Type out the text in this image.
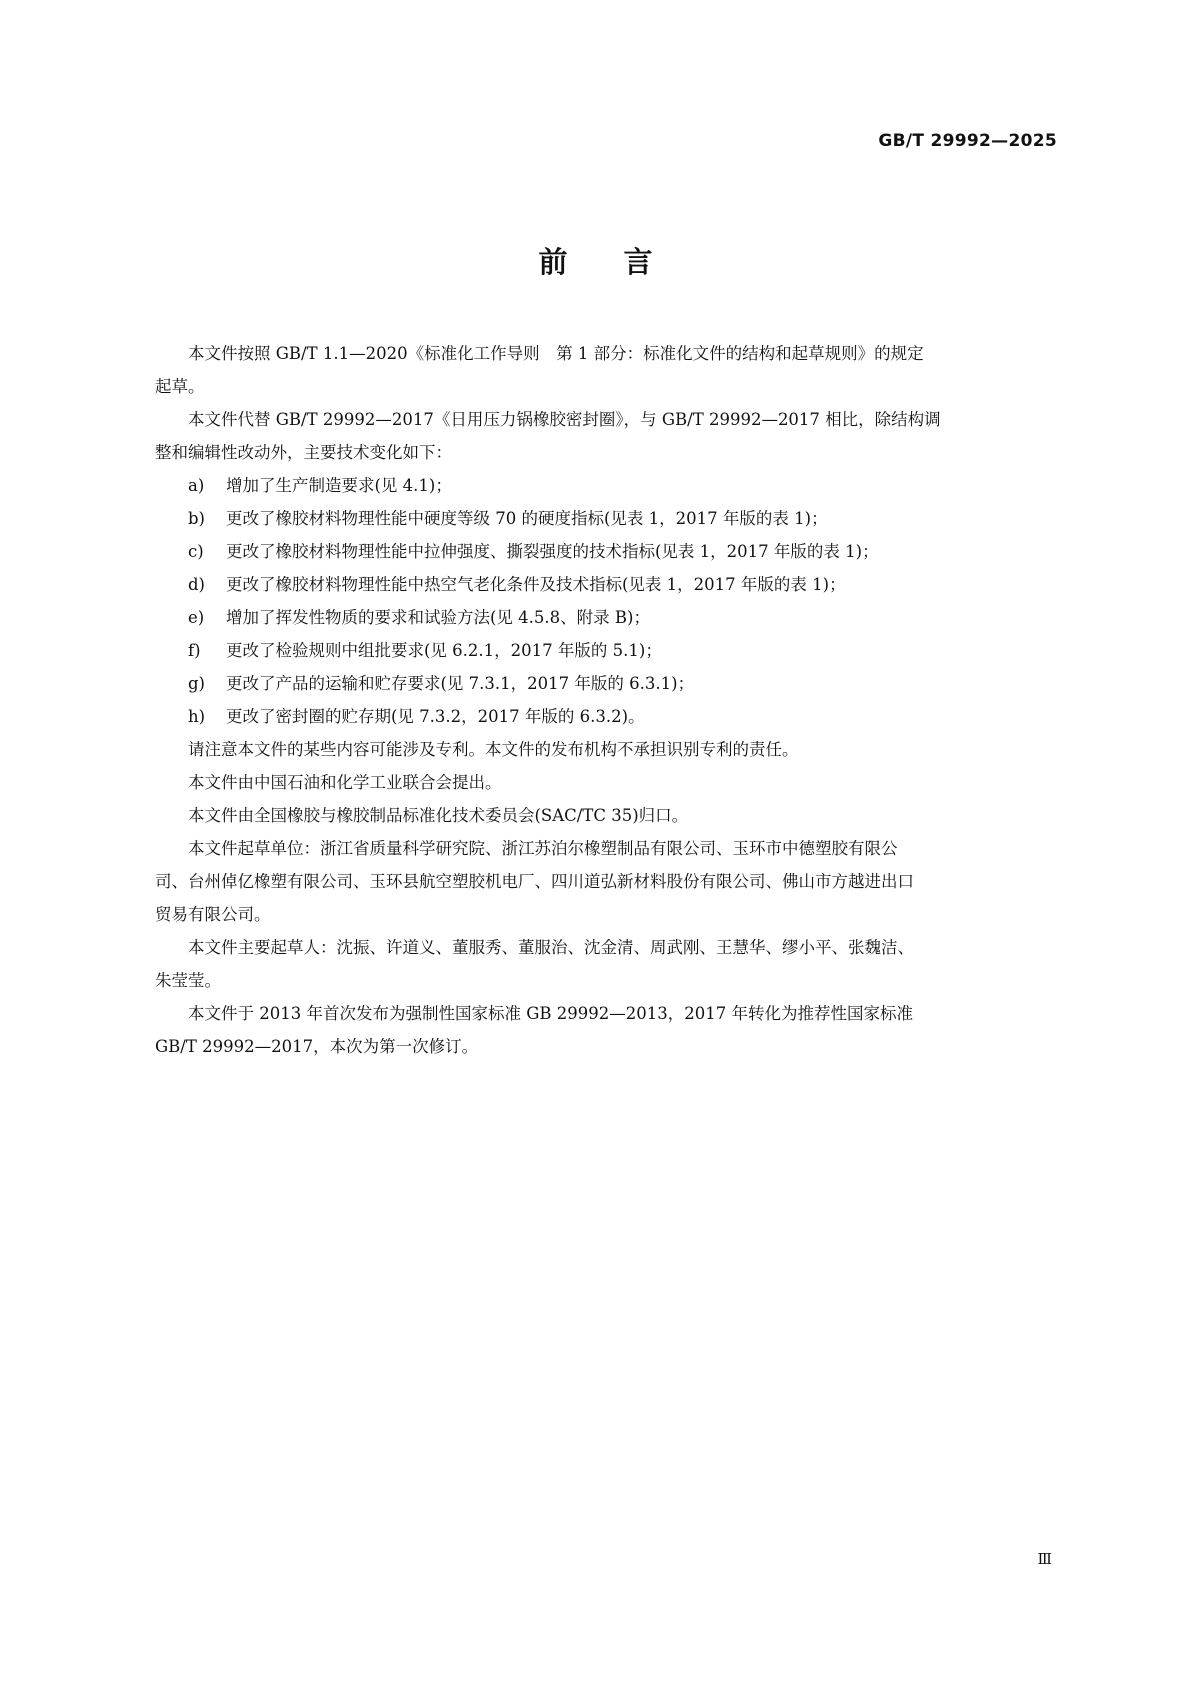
GB/T 29992—2025
前言

本文件按照 GB/T 1.1—2020《标准化工作导则　第 1 部分：标准化文件的结构和起草规则》的规定
起草。

本文件代替 GB/T 29992—2017《日用压力锅橡胶密封圈》，与 GB/T 29992—2017 相比，除结构调
整和编辑性改动外，主要技术变化如下：

a) 增加了生产制造要求(见 4.1)；

b) 更改了橡胶材料物理性能中硬度等级 70 的硬度指标(见表 1，2017 年版的表 1)；

c) 更改了橡胶材料物理性能中拉伸强度、撕裂强度的技术指标(见表 1，2017 年版的表 1)；

d) 更改了橡胶材料物理性能中热空气老化条件及技术指标(见表 1，2017 年版的表 1)；

e) 增加了挥发性物质的要求和试验方法(见 4.5.8、附录 B)；

f) 更改了检验规则中组批要求(见 6.2.1，2017 年版的 5.1)；

g) 更改了产品的运输和贮存要求(见 7.3.1，2017 年版的 6.3.1)；

h) 更改了密封圈的贮存期(见 7.3.2，2017 年版的 6.3.2)。

请注意本文件的某些内容可能涉及专利。本文件的发布机构不承担识别专利的责任。

本文件由中国石油和化学工业联合会提出。

本文件由全国橡胶与橡胶制品标准化技术委员会(SAC/TC 35)归口。

本文件起草单位：浙江省质量科学研究院、浙江苏泊尔橡塑制品有限公司、玉环市中德塑胶有限公
司、台州倬亿橡塑有限公司、玉环县航空塑胶机电厂、四川道弘新材料股份有限公司、佛山市方越进出口
贸易有限公司。

本文件主要起草人：沈振、许道义、董服秀、董服治、沈金清、周武刚、王慧华、缪小平、张魏洁、
朱莹莹。

本文件于 2013 年首次发布为强制性国家标准 GB 29992—2013，2017 年转化为推荐性国家标准
GB/T 29992—2017，本次为第一次修订。

Ⅲ
